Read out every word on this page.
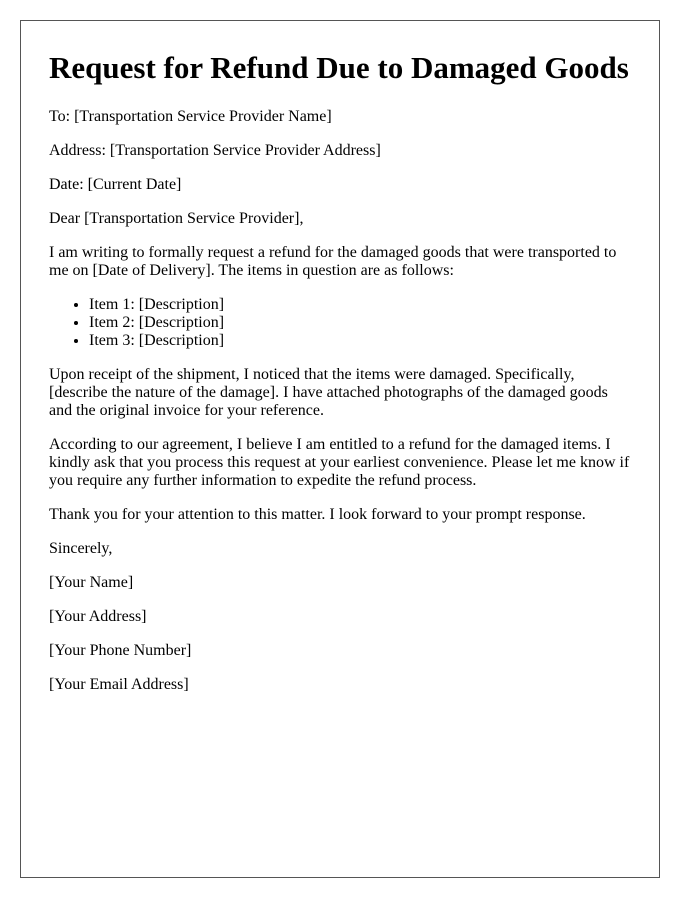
Request for Refund Due to Damaged Goods

To: [Transportation Service Provider Name]

Address: [Transportation Service Provider Address]

Date: [Current Date]

Dear [Transportation Service Provider],

I am writing to formally request a refund for the damaged goods that were transported to me on [Date of Delivery]. The items in question are as follows:

• Item 1: [Description]
• Item 2: [Description]
• Item 3: [Description]

Upon receipt of the shipment, I noticed that the items were damaged. Specifically, [describe the nature of the damage]. I have attached photographs of the damaged goods and the original invoice for your reference.

According to our agreement, I believe I am entitled to a refund for the damaged items. I kindly ask that you process this request at your earliest convenience. Please let me know if you require any further information to expedite the refund process.

Thank you for your attention to this matter. I look forward to your prompt response.

Sincerely,

[Your Name]

[Your Address]

[Your Phone Number]

[Your Email Address]
